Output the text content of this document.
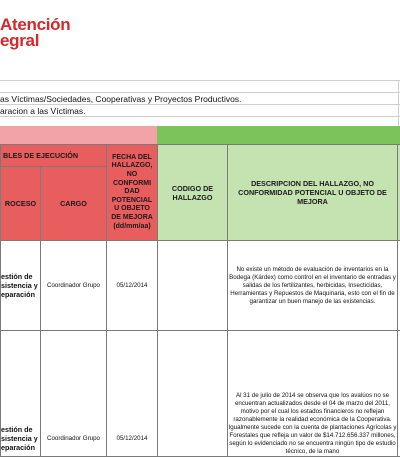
Atención
egral
as Víctimas/Sociedades, Cooperativas y Proyectos Productivos.
aracion a las Víctimas.
BLES DE EJECUCIÓN		FECHA DEL HALLAZGO, NO CONFORMI DAD POTENCIAL U OBJETO DE MEJORA (dd/mm/aa)	CODIGO DE HALLAZGO	DESCRIPCION DEL HALLAZGO, NO CONFORMIDAD POTENCIAL U OBJETO DE MEJORA	
ROCESO	CARGO				
estión de sistencia y eparación	Coordinador Grupo	05/12/2014		No existe un método de evaluación de inventarios en la Bodega (Kárdex) como control en el inventario de entradas y salidas de los fertilizantes, herbicidas, Insecticidas, Herramientas y Repuestos de Maquinaria, esto con el fin de garantizar un buen manejo de las existencias.	
estión de sistencia y eparación	Coordinador Grupo	05/12/2014		Al 31 de julio de 2014 se observa que los avalúos no se encuentran actualizados desde el 04 de marzo del 2011, motivo por el cual los estados financieros no reflejan razonablemente la realidad económica de la Cooperativa. Igualmente sucede con la cuenta de plantaciones Agrícolas y Forestales que refleja un valor de $14.712.656.337 millones, según lo evidenciado no se encuentra ningún tipo de estudio técnico, de la mano	
